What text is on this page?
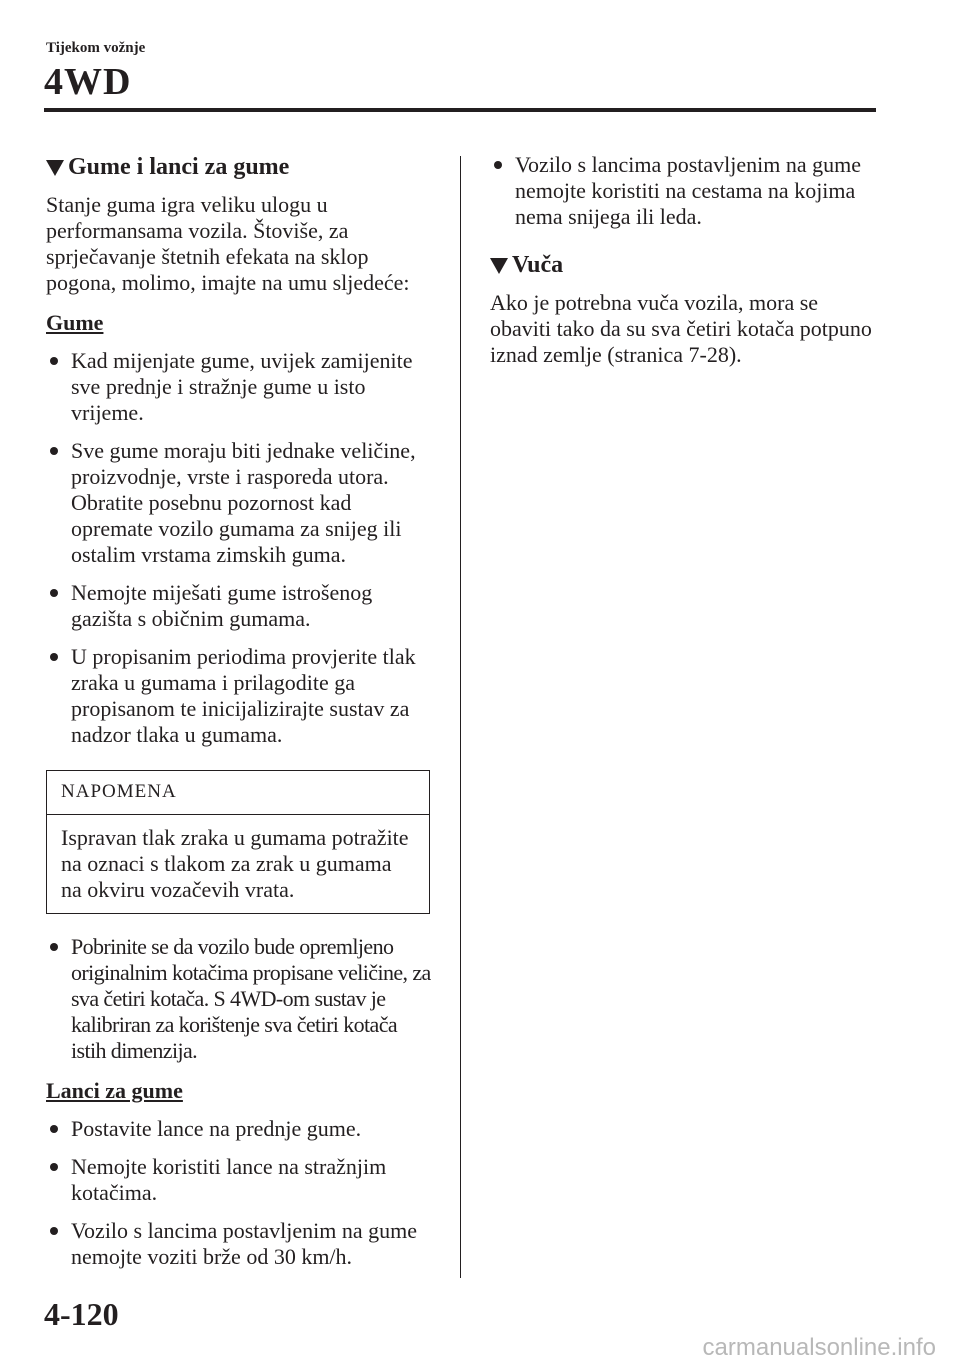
Tijekom vožnje
4WD
Gume i lanci za gume

Stanje guma igra veliku ulogu u performansama vozila. Štoviše, za sprječavanje štetnih efekata na sklop pogona, molimo, imajte na umu sljedeće:

Gume
Kad mijenjate gume, uvijek zamijenite sve prednje i stražnje gume u isto vrijeme.
Sve gume moraju biti jednake veličine, proizvodnje, vrste i rasporeda utora. Obratite posebnu pozornost kad opremate vozilo gumama za snijeg ili ostalim vrstama zimskih guma.
Nemojte miješati gume istrošenog gazišta s običnim gumama.
U propisanim periodima provjerite tlak zraka u gumama i prilagodite ga propisanom te inicijalizirajte sustav za nadzor tlaka u gumama.
NAPOMENA
Ispravan tlak zraka u gumama potražite na oznaci s tlakom za zrak u gumama na okviru vozačevih vrata.
Pobrinite se da vozilo bude opremljeno originalnim kotačima propisane veličine, za sva četiri kotača. S 4WD-om sustav je kalibriran za korištenje sva četiri kotača istih dimenzija.
Lanci za gume
Postavite lance na prednje gume.
Nemojte koristiti lance na stražnjim kotačima.
Vozilo s lancima postavljenim na gume nemojte voziti brže od 30 km/h.
Vozilo s lancima postavljenim na gume nemojte koristiti na cestama na kojima nema snijega ili leda.
Vuča

Ako je potrebna vuča vozila, mora se obaviti tako da su sva četiri kotača potpuno iznad zemlje (stranica 7-28).

4-120
carmanualsonline.info
